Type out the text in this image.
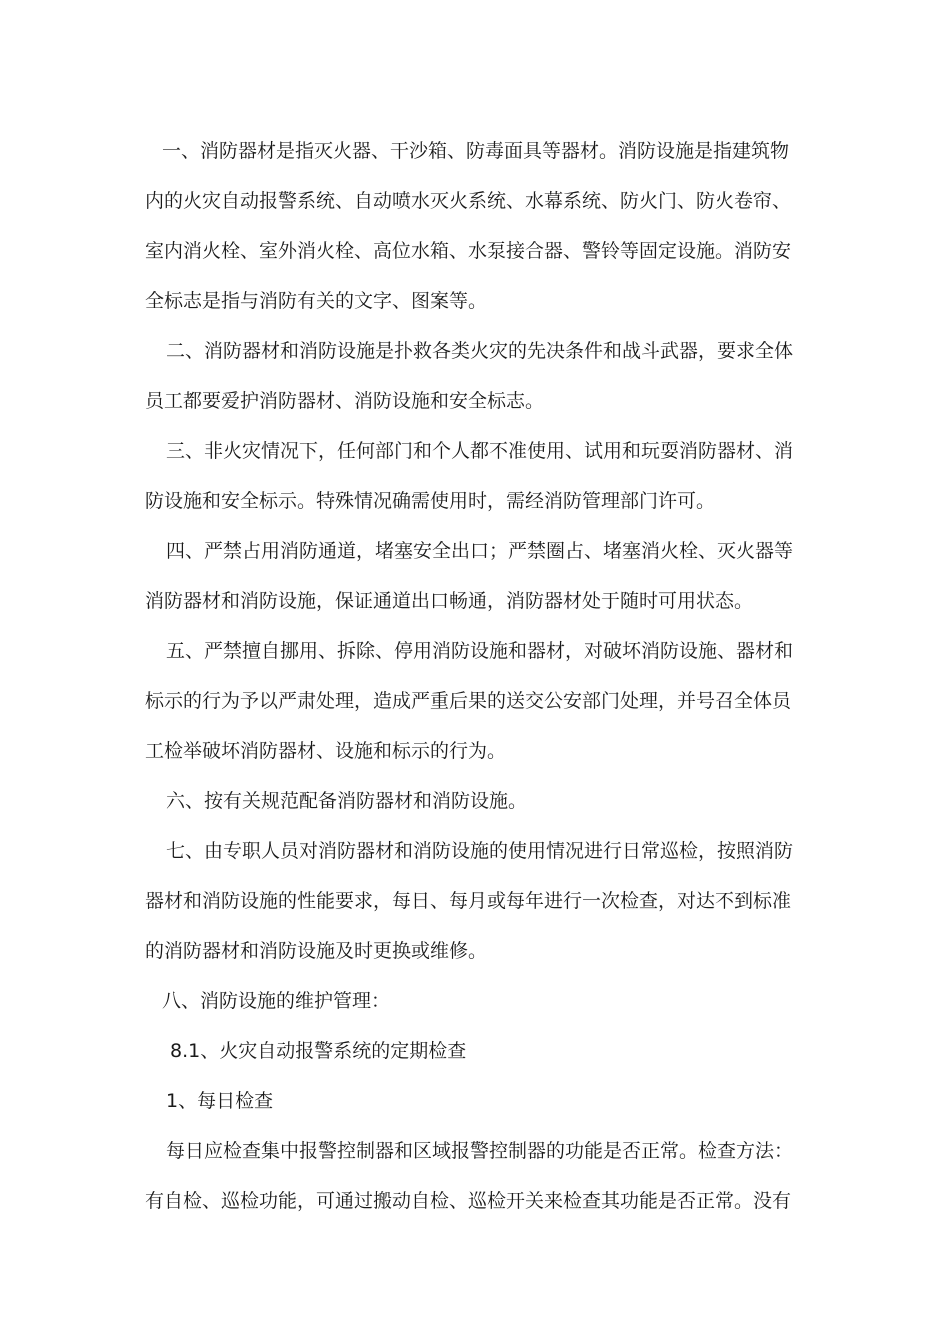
一、消防器材是指灭火器、干沙箱、防毒面具等器材。消防设施是指建筑物
内的火灾自动报警系统、自动喷水灭火系统、水幕系统、防火门、防火卷帘、
室内消火栓、室外消火栓、高位水箱、水泵接合器、警铃等固定设施。消防安
全标志是指与消防有关的文字、图案等。
二、消防器材和消防设施是扑救各类火灾的先决条件和战斗武器，要求全体
员工都要爱护消防器材、消防设施和安全标志。
三、非火灾情况下，任何部门和个人都不准使用、试用和玩耍消防器材、消
防设施和安全标示。特殊情况确需使用时，需经消防管理部门许可。
四、严禁占用消防通道，堵塞安全出口；严禁圈占、堵塞消火栓、灭火器等
消防器材和消防设施，保证通道出口畅通，消防器材处于随时可用状态。
五、严禁擅自挪用、拆除、停用消防设施和器材，对破坏消防设施、器材和
标示的行为予以严肃处理，造成严重后果的送交公安部门处理，并号召全体员
工检举破坏消防器材、设施和标示的行为。
六、按有关规范配备消防器材和消防设施。
七、由专职人员对消防器材和消防设施的使用情况进行日常巡检，按照消防
器材和消防设施的性能要求，每日、每月或每年进行一次检查，对达不到标准
的消防器材和消防设施及时更换或维修。
八、消防设施的维护管理：
8.1、火灾自动报警系统的定期检查
1、每日检查
每日应检查集中报警控制器和区域报警控制器的功能是否正常。检查方法：
有自检、巡检功能，可通过搬动自检、巡检开关来检查其功能是否正常。没有
